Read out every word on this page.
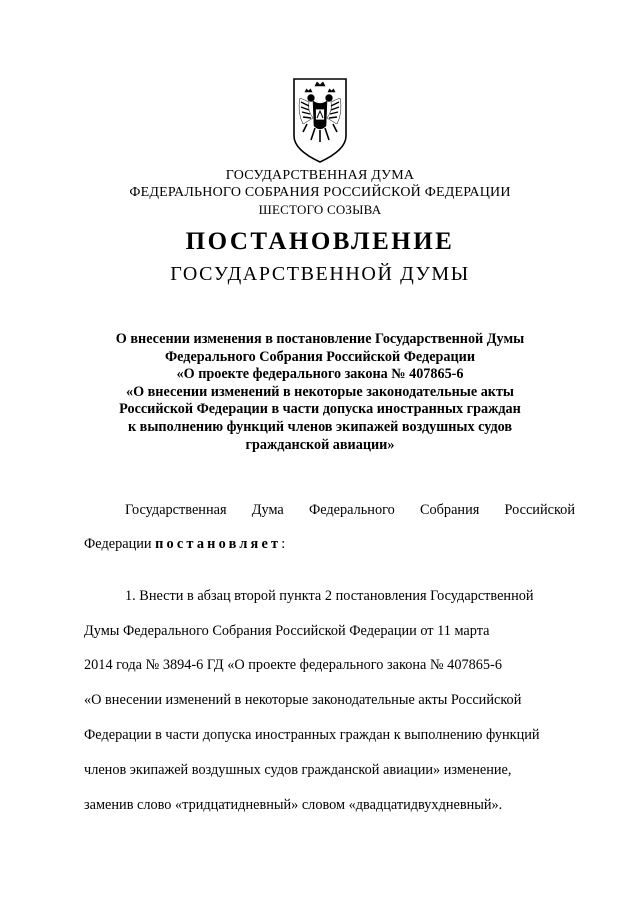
ГОСУДАРСТВЕННАЯ ДУМА
ФЕДЕРАЛЬНОГО СОБРАНИЯ РОССИЙСКОЙ ФЕДЕРАЦИИ
ШЕСТОГО СОЗЫВА
ПОСТАНОВЛЕНИЕ
ГОСУДАРСТВЕННОЙ ДУМЫ
О внесении изменения в постановление Государственной Думы
Федерального Собрания Российской Федерации
«О проекте федерального закона № 407865-6
«О внесении изменений в некоторые законодательные акты
Российской Федерации в части допуска иностранных граждан
к выполнению функций членов экипажей воздушных судов
гражданской авиации»
Государственная Дума Федерального Собрания Российской
Федерации постановляет:
1. Внести в абзац второй пункта 2 постановления Государственной
Думы Федерального Собрания Российской Федерации от 11 марта
2014 года № 3894-6 ГД «О проекте федерального закона № 407865-6
«О внесении изменений в некоторые законодательные акты Российской
Федерации в части допуска иностранных граждан к выполнению функций
членов экипажей воздушных судов гражданской авиации» изменение,
заменив слово «тридцатидневный» словом «двадцатидвухдневный».
